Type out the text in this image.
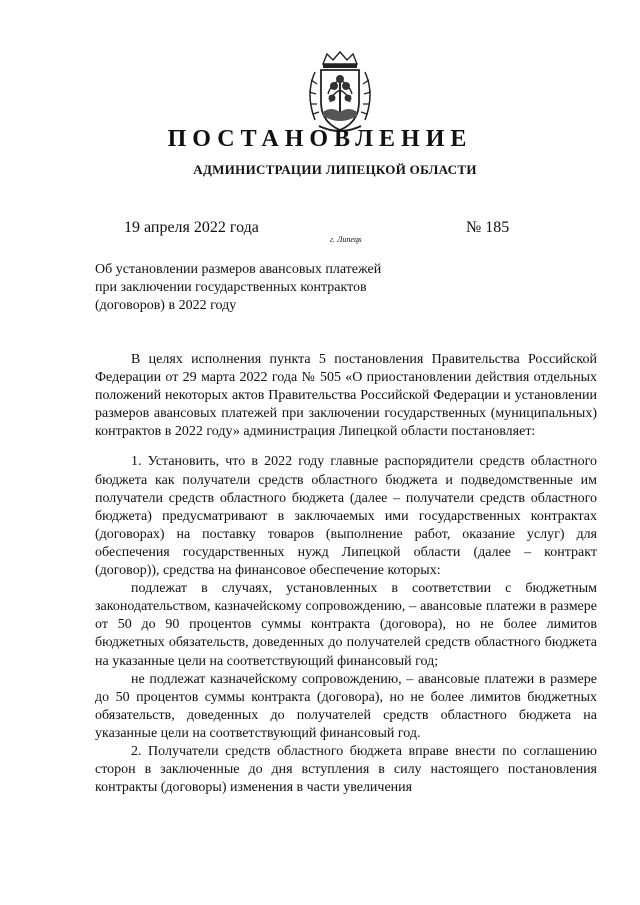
ПОСТАНОВЛЕНИЕ
АДМИНИСТРАЦИИ ЛИПЕЦКОЙ ОБЛАСТИ
19 апреля 2022 года
г. Липецк
№ 185
Об установлении размеров авансовых платежей при заключении государственных контрактов (договоров) в 2022 году

В целях исполнения пункта 5 постановления Правительства Российской Федерации от 29 марта 2022 года № 505 «О приостановлении действия отдельных положений некоторых актов Правительства Российской Федерации и установлении размеров авансовых платежей при заключении государственных (муниципальных) контрактов в 2022 году» администрация Липецкой области постановляет:

1. Установить, что в 2022 году главные распорядители средств областного бюджета как получатели средств областного бюджета и подведомственные им получатели средств областного бюджета (далее – получатели средств областного бюджета) предусматривают в заключаемых ими государственных контрактах (договорах) на поставку товаров (выполнение работ, оказание услуг) для обеспечения государственных нужд Липецкой области (далее – контракт (договор)), средства на финансовое обеспечение которых:

подлежат в случаях, установленных в соответствии с бюджетным законодательством, казначейскому сопровождению, – авансовые платежи в размере от 50 до 90 процентов суммы контракта (договора), но не более лимитов бюджетных обязательств, доведенных до получателей средств областного бюджета на указанные цели на соответствующий финансовый год;

не подлежат казначейскому сопровождению, – авансовые платежи в размере до 50 процентов суммы контракта (договора), но не более лимитов бюджетных обязательств, доведенных до получателей средств областного бюджета на указанные цели на соответствующий финансовый год.

2. Получатели средств областного бюджета вправе внести по соглашению сторон в заключенные до дня вступления в силу настоящего постановления контракты (договоры) изменения в части увеличения
